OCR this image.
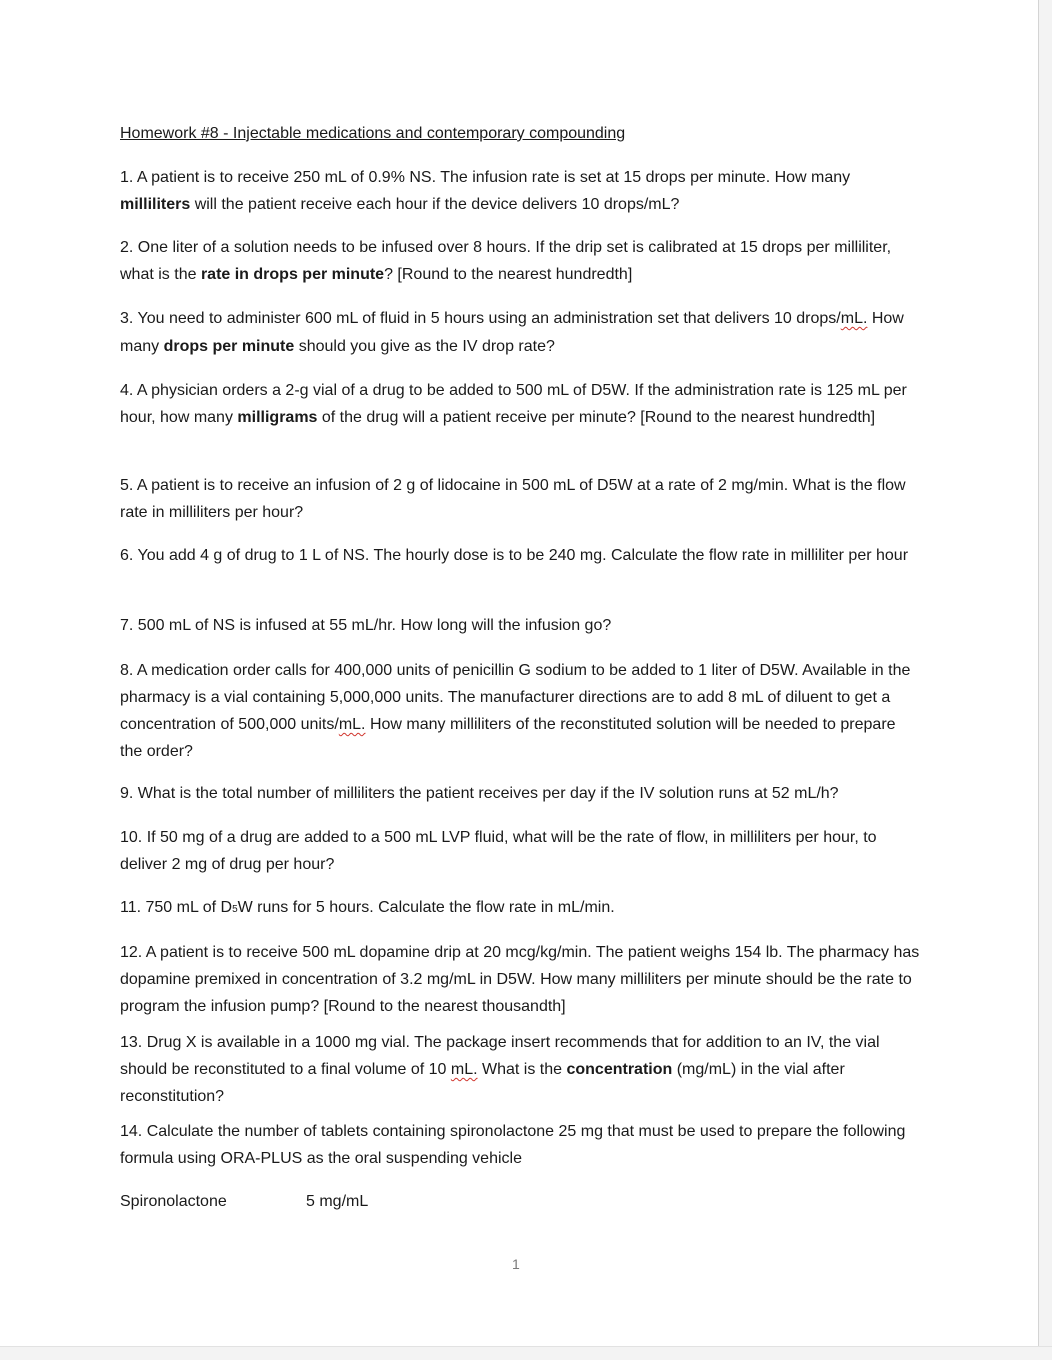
Homework #8 - Injectable medications and contemporary compounding
1. A patient is to receive 250 mL of 0.9% NS. The infusion rate is set at 15 drops per minute. How many milliliters will the patient receive each hour if the device delivers 10 drops/mL?
2. One liter of a solution needs to be infused over 8 hours. If the drip set is calibrated at 15 drops per milliliter, what is the rate in drops per minute? [Round to the nearest hundredth]
3. You need to administer 600 mL of fluid in 5 hours using an administration set that delivers 10 drops/mL. How many drops per minute should you give as the IV drop rate?
4. A physician orders a 2-g vial of a drug to be added to 500 mL of D5W. If the administration rate is 125 mL per hour, how many milligrams of the drug will a patient receive per minute? [Round to the nearest hundredth]
5. A patient is to receive an infusion of 2 g of lidocaine in 500 mL of D5W at a rate of 2 mg/min. What is the flow rate in milliliters per hour?
6. You add 4 g of drug to 1 L of NS. The hourly dose is to be 240 mg. Calculate the flow rate in milliliter per hour
7. 500 mL of NS is infused at 55 mL/hr. How long will the infusion go?
8. A medication order calls for 400,000 units of penicillin G sodium to be added to 1 liter of D5W. Available in the pharmacy is a vial containing 5,000,000 units. The manufacturer directions are to add 8 mL of diluent to get a concentration of 500,000 units/mL. How many milliliters of the reconstituted solution will be needed to prepare the order?
9. What is the total number of milliliters the patient receives per day if the IV solution runs at 52 mL/h?
10. If 50 mg of a drug are added to a 500 mL LVP fluid, what will be the rate of flow, in milliliters per hour, to deliver 2 mg of drug per hour?
11. 750 mL of D5W runs for 5 hours. Calculate the flow rate in mL/min.
12. A patient is to receive 500 mL dopamine drip at 20 mcg/kg/min. The patient weighs 154 lb. The pharmacy has dopamine premixed in concentration of 3.2 mg/mL in D5W. How many milliliters per minute should be the rate to program the infusion pump? [Round to the nearest thousandth]
13. Drug X is available in a 1000 mg vial. The package insert recommends that for addition to an IV, the vial should be reconstituted to a final volume of 10 mL. What is the concentration (mg/mL) in the vial after reconstitution?
14. Calculate the number of tablets containing spironolactone 25 mg that must be used to prepare the following formula using ORA-PLUS as the oral suspending vehicle
Spironolactone	5 mg/mL
1
